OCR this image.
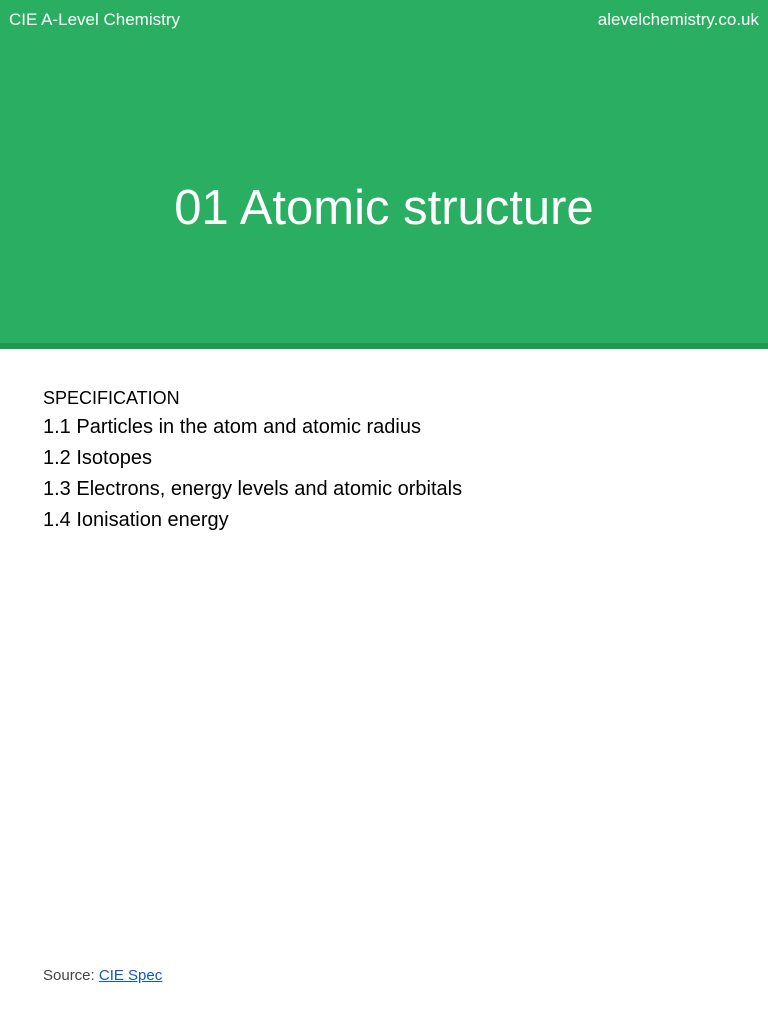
CIE A-Level Chemistry	alevelchemistry.co.uk
01 Atomic structure
SPECIFICATION
1.1 Particles in the atom and atomic radius
1.2 Isotopes
1.3 Electrons, energy levels and atomic orbitals
1.4 Ionisation energy
Source: CIE Spec
